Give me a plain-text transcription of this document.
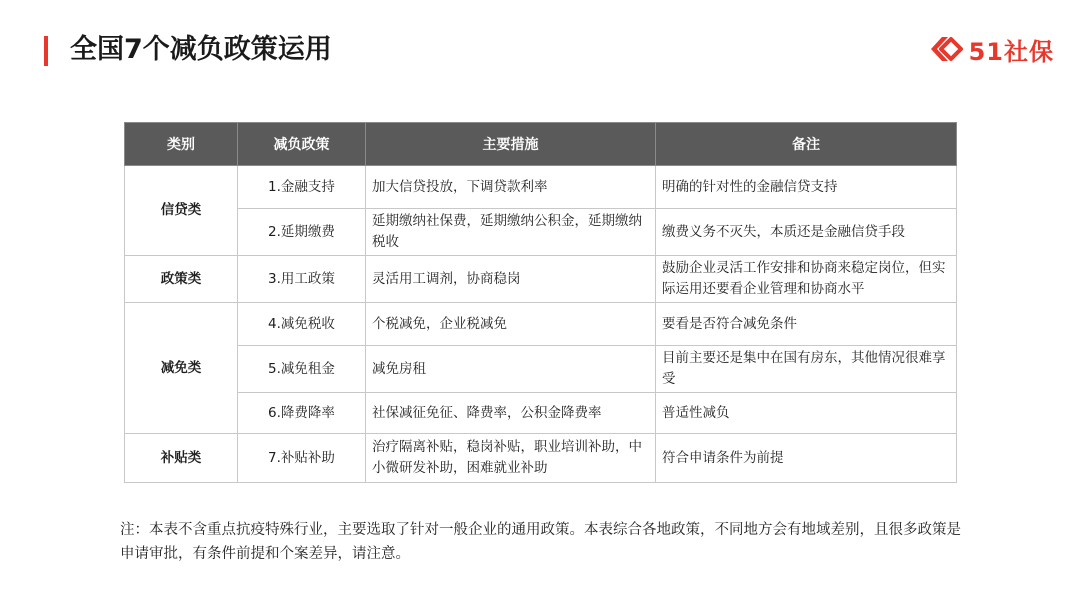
全国7个减负政策运用	51社保
类别	减负政策	主要措施	备注
信贷类	1.金融支持	加大信贷投放，下调贷款利率	明确的针对性的金融信贷支持
	2.延期缴费	延期缴纳社保费，延期缴纳公积金，延期缴纳税收	缴费义务不灭失，本质还是金融信贷手段
政策类	3.用工政策	灵活用工调剂，协商稳岗	鼓励企业灵活工作安排和协商来稳定岗位，但实际运用还要看企业管理和协商水平
减免类	4.减免税收	个税减免，企业税减免	要看是否符合减免条件
	5.减免租金	减免房租	目前主要还是集中在国有房东，其他情况很难享受
	6.降费降率	社保减征免征、降费率，公积金降费率	普适性减负
补贴类	7.补贴补助	治疗隔离补贴，稳岗补贴，职业培训补助，中小微研发补助，困难就业补助	符合申请条件为前提
注：本表不含重点抗疫特殊行业，主要选取了针对一般企业的通用政策。本表综合各地政策，不同地方会有地域差别，且很多政策是申请审批，有条件前提和个案差异，请注意。
